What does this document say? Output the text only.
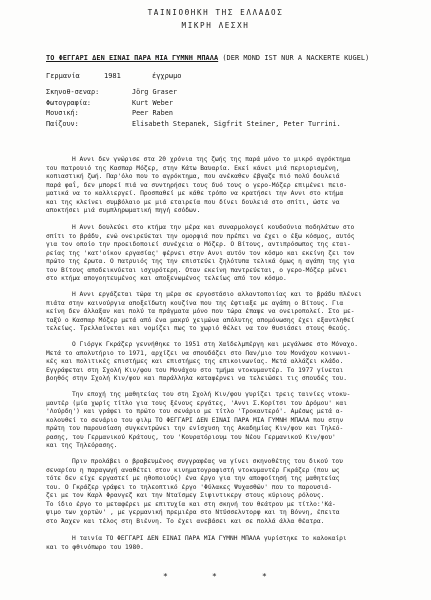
ΤΑΙΝΙΟΘΗΚΗ ΤΗΣ ΕΛΛΑΔΟΣ
ΜΙΚΡΗ ΛΕΣΧΗ
ΤΟ ΦΕΓΓΑΡΙ ΔΕΝ ΕΙΝΑΙ ΠΑΡΑ ΜΙΑ ΓΥΜΝΗ ΜΠΑΛΑ (DER MOND IST NUR A NACKERTE KUGEL)
Γερμανία	1981	έγχρωμο
Σκηνοθ-σεναρ:	Jörg Graser
Φωτογραφία:	Kurt Weber
Μουσική:	Peer Raben
Παίζουν:	Elisabeth Stepanek, Sigfrit Steiner, Peter Turrini.
Η Αννι δεν γνώρισε στα 20 χρόνια της ζωής της παρά μόνο το μικρό αγρόκτημα
του πατρουιό της Κασπαρ Μόζερ, στην Κάτω Βαυαρία. Εκεί κάνει μιά περιορισμένη,
κοπιαστική ζωή. Παρ'όλο που το αγρόκτημα, που ανέκαθεν έβγαζε πιό πολύ δουλειά
παρά φαΐ, δεν μπορεί πιά να συντηρήσει τους δυό τους ο γερο-Μόζερ επιμένει πεισ-
ματικά να το καλλιεργεί. Προσπαθεί με κάθε τρόπο να κρατήσει την Αννι στο κτήμα
και της κλείνει συμβόλαιο με μιά εταιρεία που δίνει δουλειά στο σπίτι, ώστε να
αποκτήσει μιά συμπληρωματική πηγή εσόδων.
Η Αννι δουλεύει στο κτήμα την μέρα και συναρμολογεί κουδούνια ποδηλάτων στο
σπίτι το βράδυ, ενώ ονειρεύεται την ομορφιά που πρέπει να έχει ο έξω κόσμος, αυτός
για τον οποίο την προειδοποιεί συνέχεια ο Μόζερ. Ο Βίτους, αντιπρόσωπος της εται-
ρείας της 'κατ'οίκον εργασίας' φέρνει στην Αννι αυτόν τον κόσμο και εκείνη ζει τον
πρώτο της έρωτα. Ο πατρυιός της την επιστεύει ζηλότυπα τελικά όμως η αγάπη της για
τον Βίτους αποδεικνύεται ισχυρότερη. Οταν εκείνη παντρεύεται, ο γερο-Μόζερ μένει
στο κτήμα απογοητευμένος και αποξενωμένος τελείως από τον κόσμο.
Η Αννι εργάζεται τώρα τη μέρα σε εργοστάσιο αλλαντοποιίας και το βράδυ πλένει
πιάτα στην καινούργια αποξεϊδωτη κουζίνα που της έφτιαξε με αγάπη ο Βίτους. Για
κείνη δεν άλλαξαν και πολύ τα πράγματα μόνο που τώρα έπαψε να ονειροπολεί. Στο με-
ταξύ ο Κασπαρ Μόζερ μετά από ένα μακρύ χειμώνα απόλυτης απομόνωσης έχει εξαντληθεί
τελείως. Τρελλαίνεται και νομίζει πως το χωριό θέλει να τον θυσιάσει στους θεούς.
Ο Γιόργκ Γκράζερ γεννήθηκε το 1951 στη Χαϊδελμπέργη και μεγάλωσε στο Μόναχο.
Μετά το απολυτήριο το 1971, αρχίζει να σπουδάζει στο Παν/μιο του Μονάχου κοινωνι-
κές και πολιτικές επιστήμες και επιστήμες της επικοινωνίας. Μετά αλλάζει κλάδο.
Εγγράφεται στη Σχολή Κιν/φου του Μονάχου στο τμήμα ντοκυμαντέρ. Το 1977 γίνεται
βοηθός στην Σχολή Κιν/φου και παράλληλα καταφέρνει να τελειώσει τις σπουδές του.
Την εποχή της μαθητείας του στη Σχολή Κιν/φου γυρίζει τρεις ταινίες ντοκυ-
μαντέρ (μία χωρίς τίτλο για τους ξένους εργάτες, 'Αννι Σ.Κορίτσι του Δρόμου' και
'Λούρδη') και γράφει το πρώτο του σενάριο με τίτλο 'Τροκαντερό'. Αμέσως μετά α-
κολουθεί το σενάριο του φιλμ ΤΟ ΦΕΓΓΑΡΙ ΔΕΝ ΕΙΝΑΙ ΠΑΡΑ ΜΙΑ ΓΥΜΝΗ ΜΠΑΛΑ που στην
πρώτη του παρουσίαση συγκεντρώνει την ενίσχυση της Ακαδημίας Κιν/φου και Τηλεό-
ρασης, του Γερμανικού Κράτους, του 'Κουρατόριουμ του Νέου Γερμανικού Κιν/φου'
και της Τηλεόρασης.
Πριν προλάβει ο βραβευμένος συγγραφέας να γίνει σκηνοθέτης του δικού του
σεναρίου η παραγωγή αναθέτει στον κινηματογραφιστή ντοκυμαντέρ Γκράζερ (που ως
τότε δεν είχε εργαστεί με ηθοποιούς) ένα έργο για την αποφοίτησή της μαθητείας
του. Ο Γκράζερ γράφει το τηλεοπτικό έργο 'Φύλακες Ψυχασθών' που το παρουσιά-
ζει με τον Καρλ Φρανγεζ και την Νταϊσμεγ Σιφιντικεργ στους κύριους ρόλους.
Το ίδιο έργο το μεταφέρει με επιτυχία και στη σκηνή του θεάτρου με τίτλο:'Κά-
ψιμο των χορτών' , με γερμανική πρεμιέρα στο Ντύσσελντορφ και τη Βόννη, έπειτα
στο Άαχεν και τέλος στη Βιέννη. Το έχει ανεβάσει και σε πολλά άλλα θέατρα.
Η ταινία ΤΟ ΦΕΓΓΑΡΙ ΔΕΝ ΕΙΝΑΙ ΠΑΡΑ ΜΙΑ ΓΥΜΝΗ ΜΠΑΛΑ γυρίστηκε το καλοκαίρι
και το φθινόπωρο του 1980.
*	*	*
